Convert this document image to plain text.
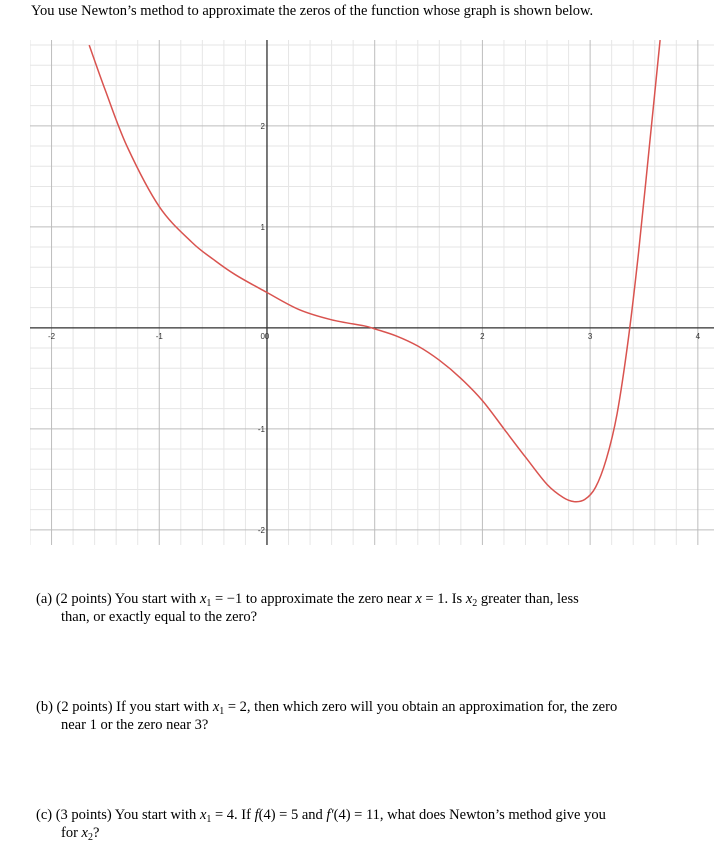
You use Newton’s method to approximate the zeros of the function whose graph is shown below.
-2	-1	0	2	3	4
0
2
1
-1
-2
(a) (2 points) You start with $x_1 = -1$ to approximate the zero near x = 1. Is $x_2$ greater than, less
than, or exactly equal to the zero?
(b) (2 points) If you start with $x_1 = 2$, then which zero will you obtain an approximation for, the zero
near 1 or the zero near 3?
(c) (3 points) You start with $x_1 = 4$. If f(4) = 5 and f′(4) = 11, what does Newton’s method give you
for $x_2$?
